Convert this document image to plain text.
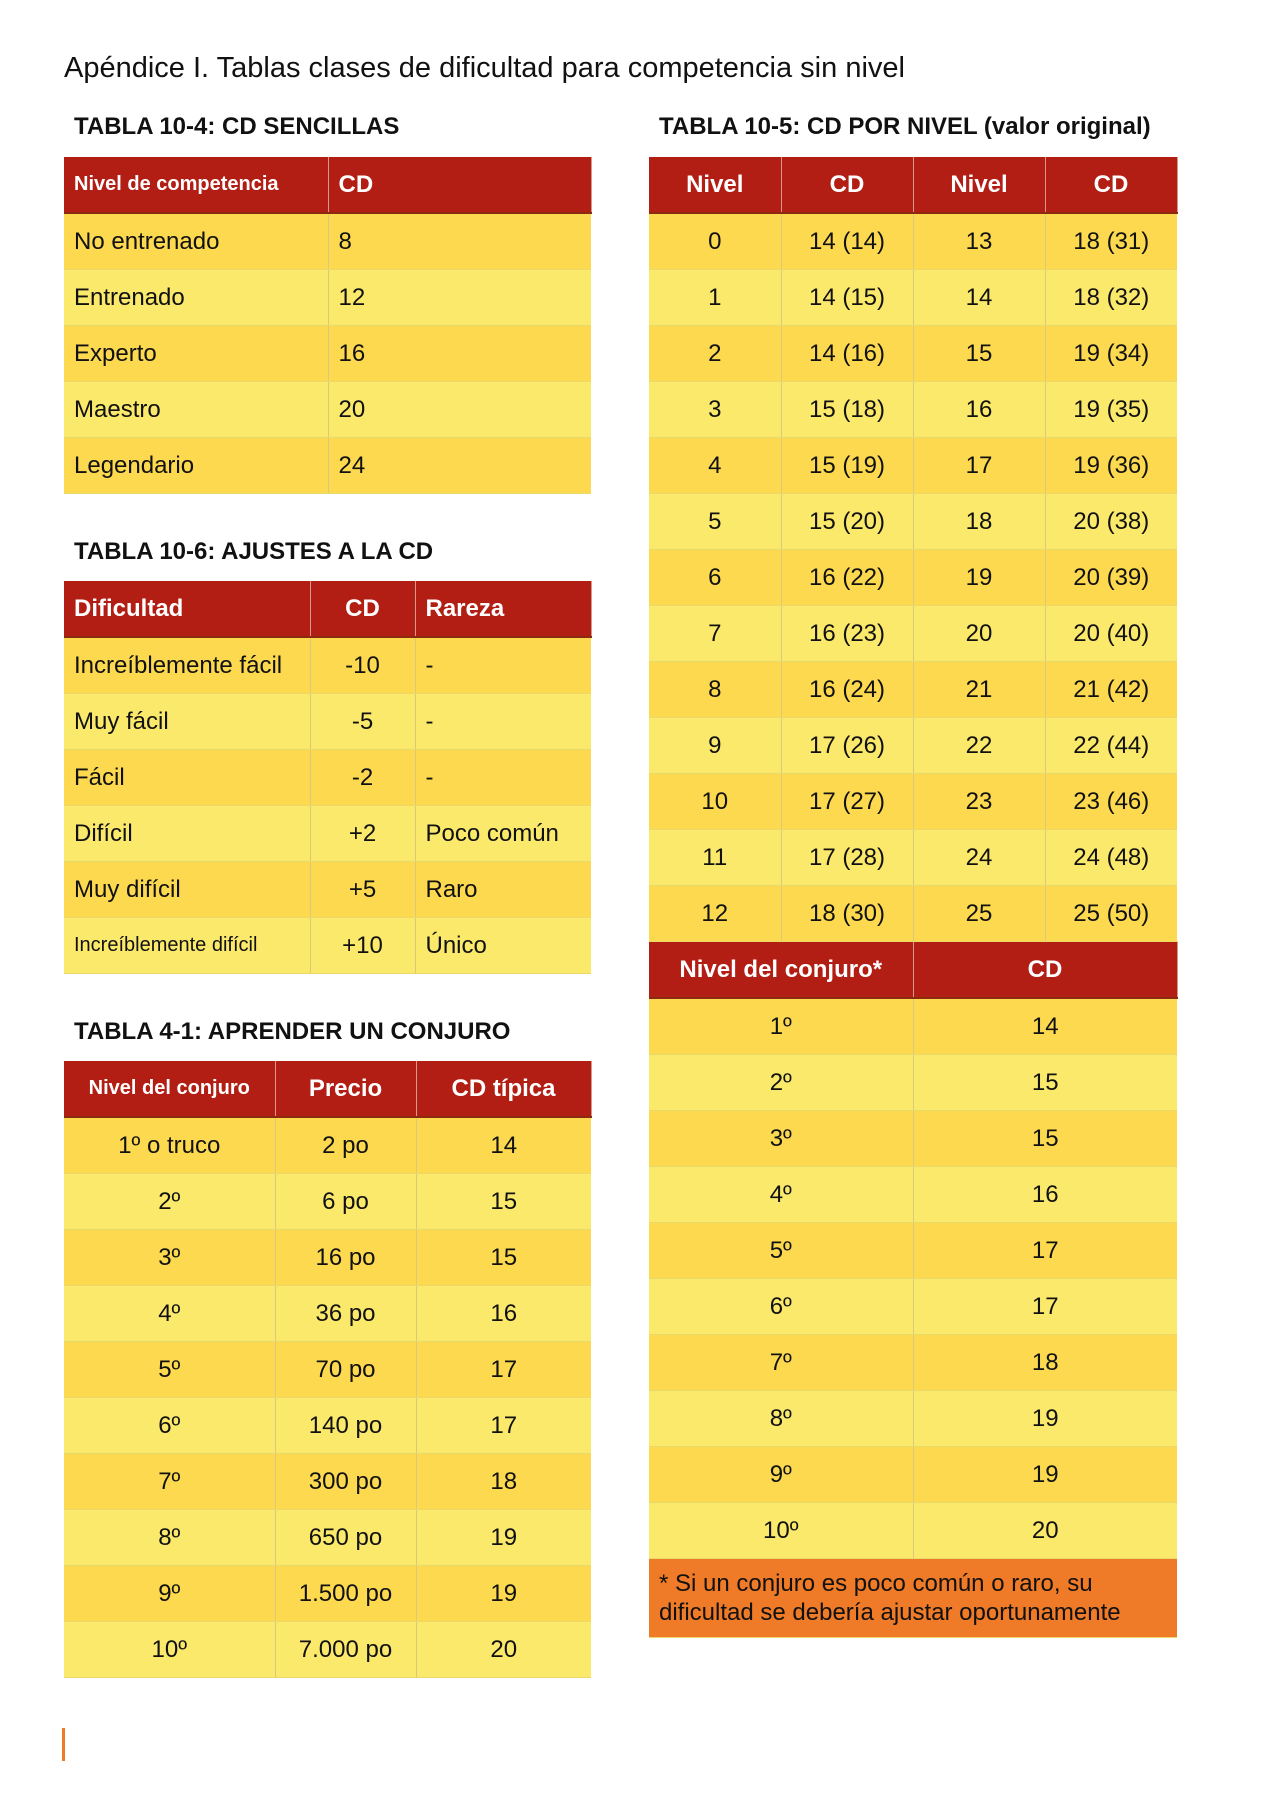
Apéndice I. Tablas clases de dificultad para competencia sin nivel
TABLA 10-4: CD SENCILLAS
Nivel de competencia	CD
No entrenado	8
Entrenado	12
Experto	16
Maestro	20
Legendario	24
TABLA 10-6: AJUSTES A LA CD
Dificultad	CD	Rareza
Increíblemente fácil	-10	-
Muy fácil	-5	-
Fácil	-2	-
Difícil	+2	Poco común
Muy difícil	+5	Raro
Increíblemente difícil	+10	Único
TABLA 4-1: APRENDER UN CONJURO
Nivel del conjuro	Precio	CD típica
1º o truco	2 po	14
2º	6 po	15
3º	16 po	15
4º	36 po	16
5º	70 po	17
6º	140 po	17
7º	300 po	18
8º	650 po	19
9º	1.500 po	19
10º	7.000 po	20
TABLA 10-5: CD POR NIVEL (valor original)
Nivel	CD	Nivel	CD
0	14 (14)	13	18 (31)
1	14 (15)	14	18 (32)
2	14 (16)	15	19 (34)
3	15 (18)	16	19 (35)
4	15 (19)	17	19 (36)
5	15 (20)	18	20 (38)
6	16 (22)	19	20 (39)
7	16 (23)	20	20 (40)
8	16 (24)	21	21 (42)
9	17 (26)	22	22 (44)
10	17 (27)	23	23 (46)
11	17 (28)	24	24 (48)
12	18 (30)	25	25 (50)
Nivel del conjuro*		CD	
1º		14	
2º		15	
3º		15	
4º		16	
5º		17	
6º		17	
7º		18	
8º		19	
9º		19	
10º		20	
* Si un conjuro es poco común o raro, su dificultad se debería ajustar oportunamente			
